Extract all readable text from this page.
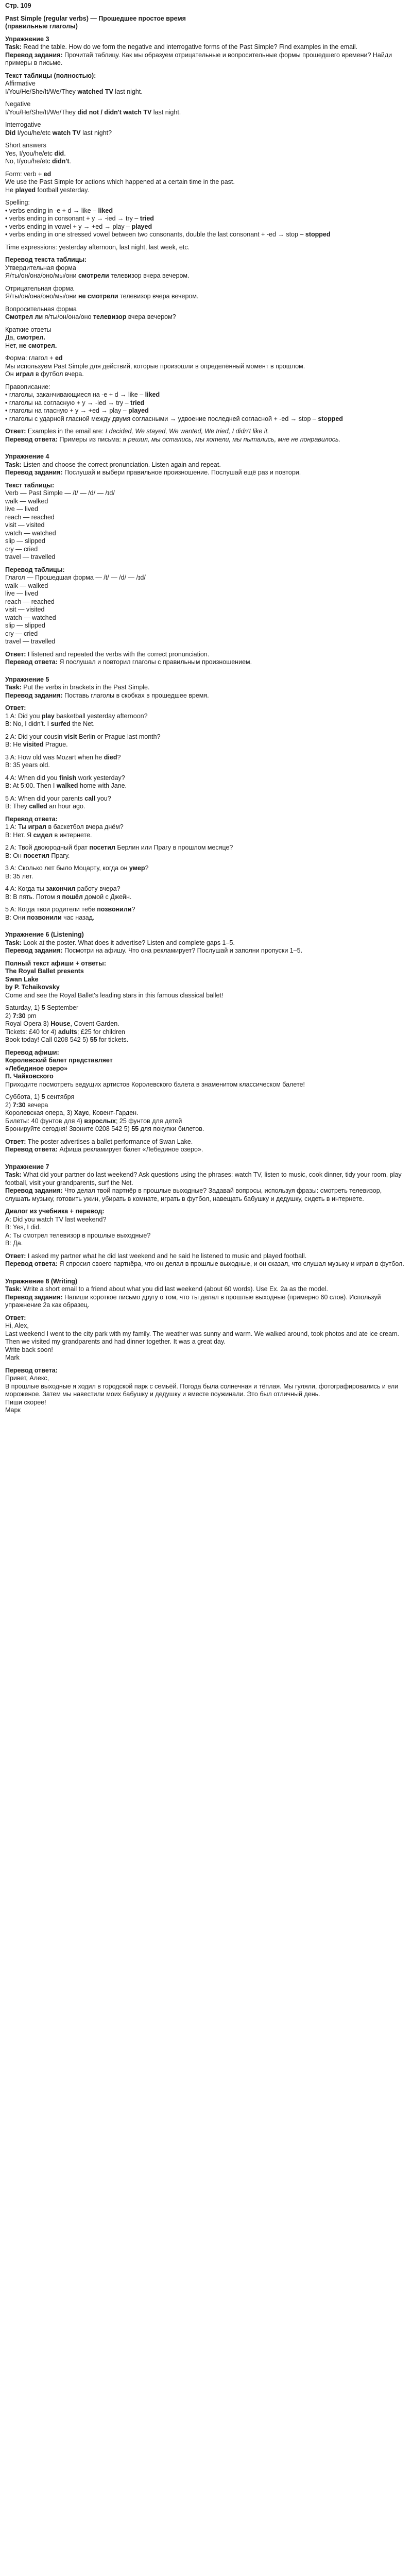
Стр. 109

Past Simple (regular verbs) — Прошедшее простое время

(правильные глаголы)

Упражнение 3

Task: Read the table. How do we form the negative and interrogative forms of the Past Simple? Find examples in the email.

Перевод задания: Прочитай таблицу. Как мы образуем отрицательные и вопросительные формы прошедшего времени? Найди примеры в письме.

Текст таблицы (полностью):

Affirmative

I/You/He/She/It/We/They watched TV last night.

Negative

I/You/He/She/It/We/They did not / didn't watch TV last night.

Interrogative

Did I/you/he/etc watch TV last night?

Short answers

Yes, I/you/he/etc did.

No, I/you/he/etc didn't.

Form: verb + ed

We use the Past Simple for actions which happened at a certain time in the past.

He played football yesterday.

Spelling:

• verbs ending in -e + d → like – liked

• verbs ending in consonant + y → -ied → try – tried

• verbs ending in vowel + y → +ed → play – played

• verbs ending in one stressed vowel between two consonants, double the last consonant + -ed → stop – stopped

Time expressions: yesterday afternoon, last night, last week, etc.

Перевод текста таблицы:

Утвердительная форма

Я/ты/он/она/оно/мы/они смотрели телевизор вчера вечером.

Отрицательная форма

Я/ты/он/она/оно/мы/они не смотрели телевизор вчера вечером.

Вопросительная форма

Смотрел ли я/ты/он/она/оно телевизор вчера вечером?

Краткие ответы

Да, смотрел.

Нет, не смотрел.

Форма: глагол + ed

Мы используем Past Simple для действий, которые произошли в определённый момент в прошлом.

Он играл в футбол вчера.

Правописание:

• глаголы, заканчивающиеся на -e + d → like – liked

• глаголы на согласную + y → -ied → try – tried

• глаголы на гласную + y → +ed → play – played

• глаголы с ударной гласной между двумя согласными → удвоение последней согласной + -ed → stop – stopped

Ответ: Examples in the email are: I decided, We stayed, We wanted, We tried, I didn't like it.

Перевод ответа: Примеры из письма: я решил, мы остались, мы хотели, мы пытались, мне не понравилось.

Упражнение 4

Task: Listen and choose the correct pronunciation. Listen again and repeat.

Перевод задания: Послушай и выбери правильное произношение. Послушай ещё раз и повтори.

Текст таблицы:

Verb — Past Simple — /t/ — /d/ — /ɪd/

walk — walked

live — lived

reach — reached

visit — visited

watch — watched

slip — slipped

cry — cried

travel — travelled

Перевод таблицы:

Глагол — Прошедшая форма — /t/ — /d/ — /ɪd/

walk — walked

live — lived

reach — reached

visit — visited

watch — watched

slip — slipped

cry — cried

travel — travelled

Ответ: I listened and repeated the verbs with the correct pronunciation.

Перевод ответа: Я послушал и повторил глаголы с правильным произношением.

Упражнение 5

Task: Put the verbs in brackets in the Past Simple.

Перевод задания: Поставь глаголы в скобках в прошедшее время.

Ответ:

1 A: Did you play basketball yesterday afternoon?

B: No, I didn't. I surfed the Net.

2 A: Did your cousin visit Berlin or Prague last month?

B: He visited Prague.

3 A: How old was Mozart when he died?

B: 35 years old.

4 A: When did you finish work yesterday?

B: At 5:00. Then I walked home with Jane.

5 A: When did your parents call you?

B: They called an hour ago.

Перевод ответа:

1 A: Ты играл в баскетбол вчера днём?

B: Нет. Я сидел в интернете.

2 A: Твой двоюродный брат посетил Берлин или Прагу в прошлом месяце?

B: Он посетил Прагу.

3 A: Сколько лет было Моцарту, когда он умер?

B: 35 лет.

4 A: Когда ты закончил работу вчера?

B: В пять. Потом я пошёл домой с Джейн.

5 A: Когда твои родители тебе позвонили?

B: Они позвонили час назад.

Упражнение 6 (Listening)

Task: Look at the poster. What does it advertise? Listen and complete gaps 1–5.

Перевод задания: Посмотри на афишу. Что она рекламирует? Послушай и заполни пропуски 1–5.

Полный текст афиши + ответы:

The Royal Ballet presents

Swan Lake

by P. Tchaikovsky

Come and see the Royal Ballet's leading stars in this famous classical ballet!

Saturday, 1) 5 September

2) 7:30 pm

Royal Opera 3) House, Covent Garden.

Tickets: £40 for 4) adults; £25 for children

Book today! Call 0208 542 5) 55 for tickets.

Перевод афиши:

Королевский балет представляет

«Лебединое озеро»

П. Чайковского

Приходите посмотреть ведущих артистов Королевского балета в знаменитом классическом балете!

Суббота, 1) 5 сентября

2) 7:30 вечера

Королевская опера, 3) Хаус, Ковент-Гарден.

Билеты: 40 фунтов для 4) взрослых; 25 фунтов для детей

Бронируйте сегодня! Звоните 0208 542 5) 55 для покупки билетов.

Ответ: The poster advertises a ballet performance of Swan Lake.

Перевод ответа: Афиша рекламирует балет «Лебединое озеро».

Упражнение 7

Task: What did your partner do last weekend? Ask questions using the phrases: watch TV, listen to music, cook dinner, tidy your room, play football, visit your grandparents, surf the Net.

Перевод задания: Что делал твой партнёр в прошлые выходные? Задавай вопросы, используя фразы: смотреть телевизор, слушать музыку, готовить ужин, убирать в комнате, играть в футбол, навещать бабушку и дедушку, сидеть в интернете.

Диалог из учебника + перевод:

A: Did you watch TV last weekend?

B: Yes, I did.

A: Ты смотрел телевизор в прошлые выходные?

B: Да.

Ответ: I asked my partner what he did last weekend and he said he listened to music and played football.

Перевод ответа: Я спросил своего партнёра, что он делал в прошлые выходные, и он сказал, что слушал музыку и играл в футбол.

Упражнение 8 (Writing)

Task: Write a short email to a friend about what you did last weekend (about 60 words). Use Ex. 2a as the model.

Перевод задания: Напиши короткое письмо другу о том, что ты делал в прошлые выходные (примерно 60 слов). Используй упражнение 2a как образец.

Ответ:

Hi, Alex,

Last weekend I went to the city park with my family. The weather was sunny and warm. We walked around, took photos and ate ice cream. Then we visited my grandparents and had dinner together. It was a great day.

Write back soon!

Mark

Перевод ответа:

Привет, Алекс,

В прошлые выходные я ходил в городской парк с семьёй. Погода была солнечная и тёплая. Мы гуляли, фотографировались и ели мороженое. Затем мы навестили моих бабушку и дедушку и вместе поужинали. Это был отличный день.

Пиши скорее!

Марк
